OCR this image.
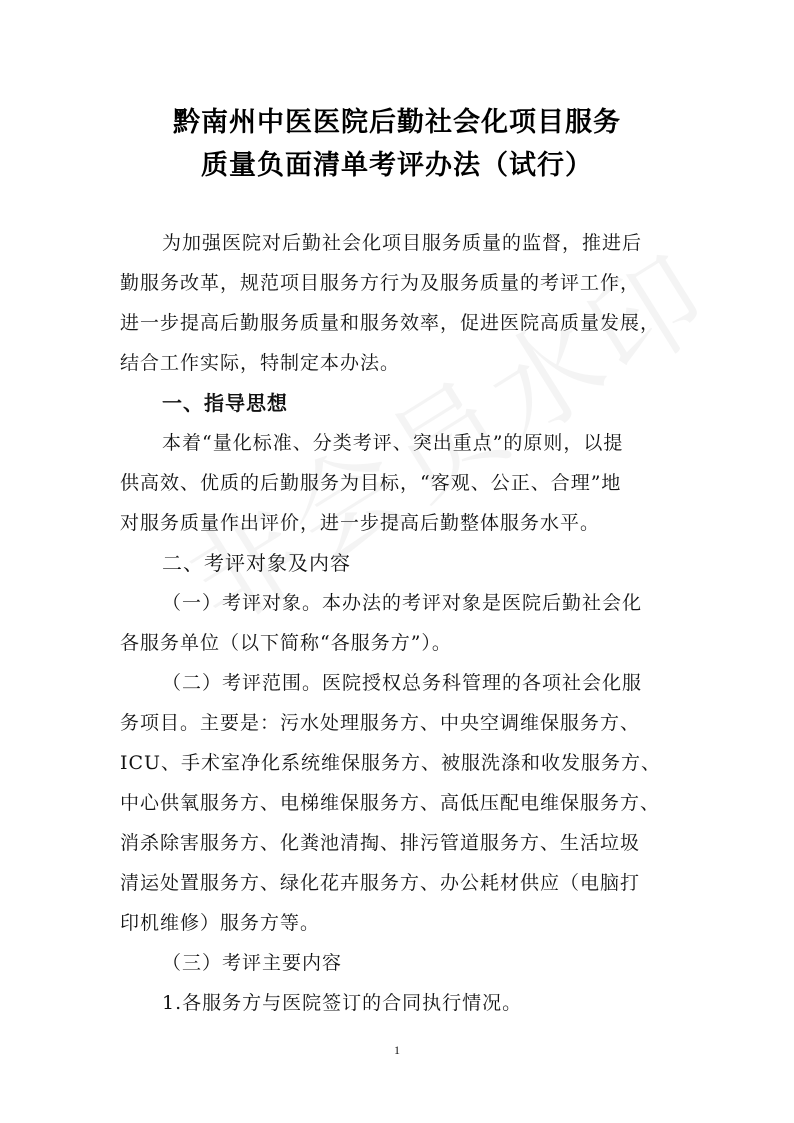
黔南州中医医院后勤社会化项目服务
质量负面清单考评办法（试行）

为加强医院对后勤社会化项目服务质量的监督，推进后

勤服务改革，规范项目服务方行为及服务质量的考评工作，

进一步提高后勤服务质量和服务效率，促进医院高质量发展，

结合工作实际，特制定本办法。

一、指导思想

本着“量化标准、分类考评、突出重点”的原则，以提

供高效、优质的后勤服务为目标，“客观、公正、合理”地

对服务质量作出评价，进一步提高后勤整体服务水平。

二、考评对象及内容

（一）考评对象。本办法的考评对象是医院后勤社会化

各服务单位（以下简称“各服务方”）。

（二）考评范围。医院授权总务科管理的各项社会化服

务项目。主要是：污水处理服务方、中央空调维保服务方、

ICU、手术室净化系统维保服务方、被服洗涤和收发服务方、

中心供氧服务方、电梯维保服务方、高低压配电维保服务方、

消杀除害服务方、化粪池清掏、排污管道服务方、生活垃圾

清运处置服务方、绿化花卉服务方、办公耗材供应（电脑打

印机维修）服务方等。

（三）考评主要内容

1.各服务方与医院签订的合同执行情况。

1
